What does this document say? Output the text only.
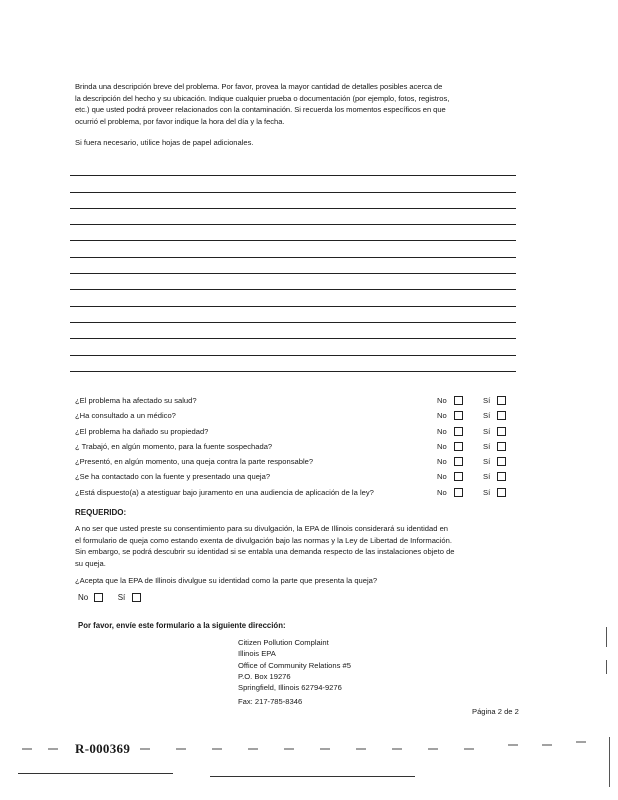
Brinda una descripción breve del problema. Por favor, provea la mayor cantidad de detalles posibles acerca de

la descripción del hecho y su ubicación. Indique cualquier prueba o documentación (por ejemplo, fotos, registros,

etc.) que usted podrá proveer relacionados con la contaminación. Si recuerda los momentos específicos en que

ocurrió el problema, por favor indique la hora del día y la fecha.

Si fuera necesario, utilice hojas de papel adicionales.
¿El problema ha afectado su salud?	No	Sí
¿Ha consultado a un médico?	No	Sí
¿El problema ha dañado su propiedad?	No	Sí
¿ Trabajó, en algún momento, para la fuente sospechada?	No	Sí
¿Presentó, en algún momento, una queja contra la parte responsable?	No	Sí
¿Se ha contactado con la fuente y presentado una queja?	No	Sí
¿Está dispuesto(a) a atestiguar bajo juramento en una audiencia de aplicación de la ley?	No	Sí
REQUERIDO:

A no ser que usted preste su consentimiento para su divulgación, la EPA de Illinois considerará su identidad en

el formulario de queja como estando exenta de divulgación bajo las normas y la Ley de Libertad de Información.

Sin embargo, se podrá descubrir su identidad si se entabla una demanda respecto de las instalaciones objeto de

su queja.

¿Acepta que la EPA de Illinois divulgue su identidad como la parte que presenta la queja?
No	Sí
Por favor, envíe este formulario a la siguiente dirección:
Citizen Pollution Complaint
Illinois EPA
Office of Community Relations #5
P.O. Box 19276
Springfield, Illinois 62794-9276
Fax: 217-785-8346
Página 2 de 2
R-000369
